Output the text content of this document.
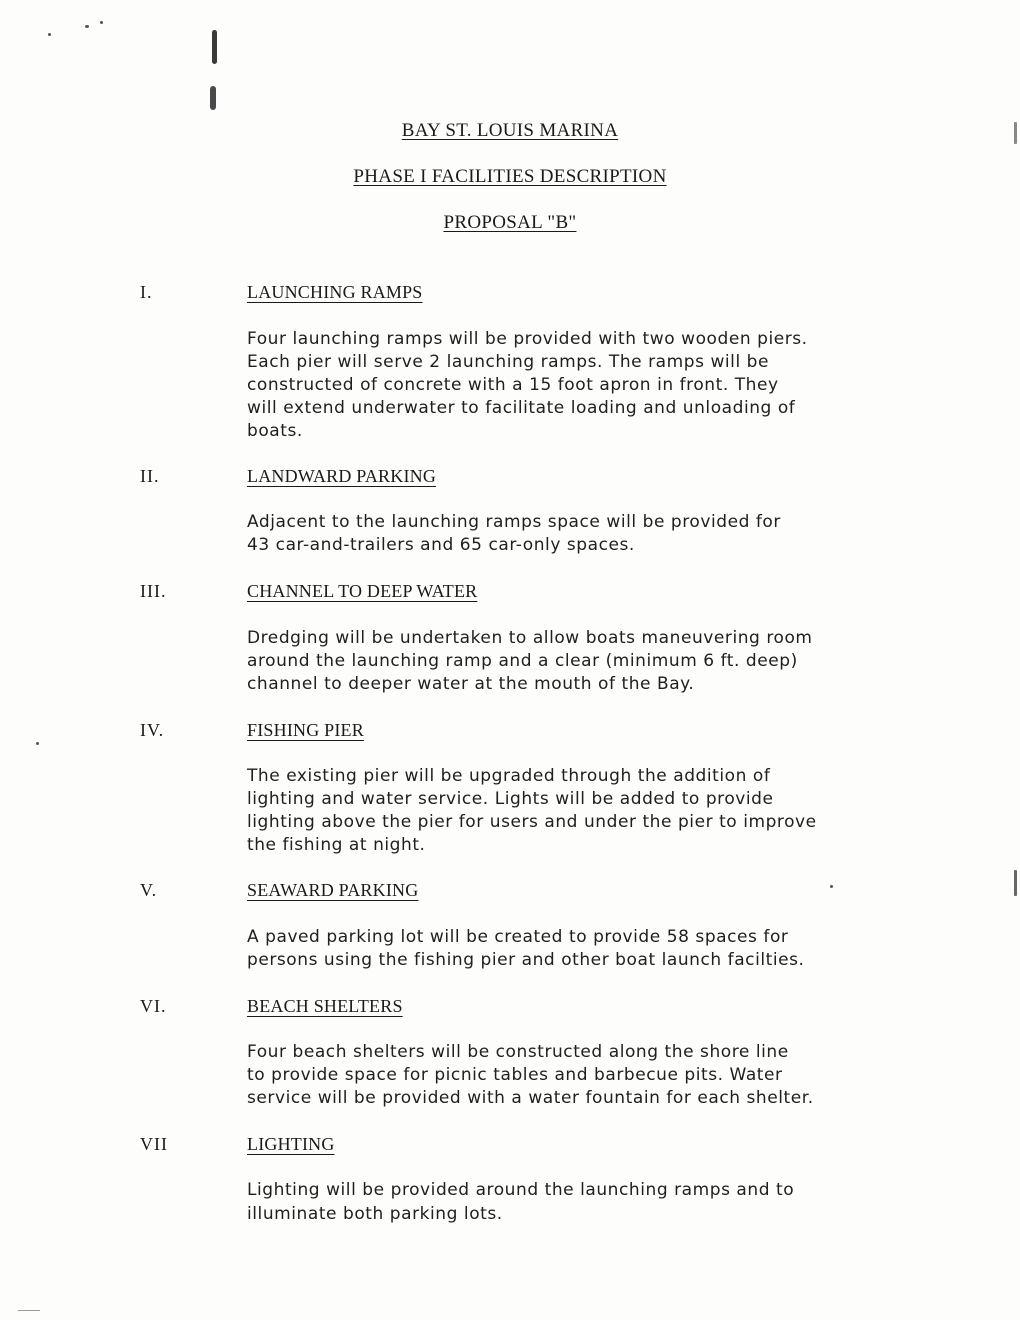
BAY ST. LOUIS MARINA
PHASE I FACILITIES DESCRIPTION
PROPOSAL "B"
I.	LAUNCHING RAMPS
Four launching ramps will be provided with two wooden piers.
Each pier will serve 2 launching ramps. The ramps will be
constructed of concrete with a 15 foot apron in front. They
will extend underwater to facilitate loading and unloading of
boats.
II.	LANDWARD PARKING
Adjacent to the launching ramps space will be provided for
43 car-and-trailers and 65 car-only spaces.
III.	CHANNEL TO DEEP WATER
Dredging will be undertaken to allow boats maneuvering room
around the launching ramp and a clear (minimum 6 ft. deep)
channel to deeper water at the mouth of the Bay.
IV.	FISHING PIER
The existing pier will be upgraded through the addition of
lighting and water service. Lights will be added to provide
lighting above the pier for users and under the pier to improve
the fishing at night.
V.	SEAWARD PARKING
A paved parking lot will be created to provide 58 spaces for
persons using the fishing pier and other boat launch facilties.
VI.	BEACH SHELTERS
Four beach shelters will be constructed along the shore line
to provide space for picnic tables and barbecue pits. Water
service will be provided with a water fountain for each shelter.
VII	LIGHTING
Lighting will be provided around the launching ramps and to
illuminate both parking lots.
